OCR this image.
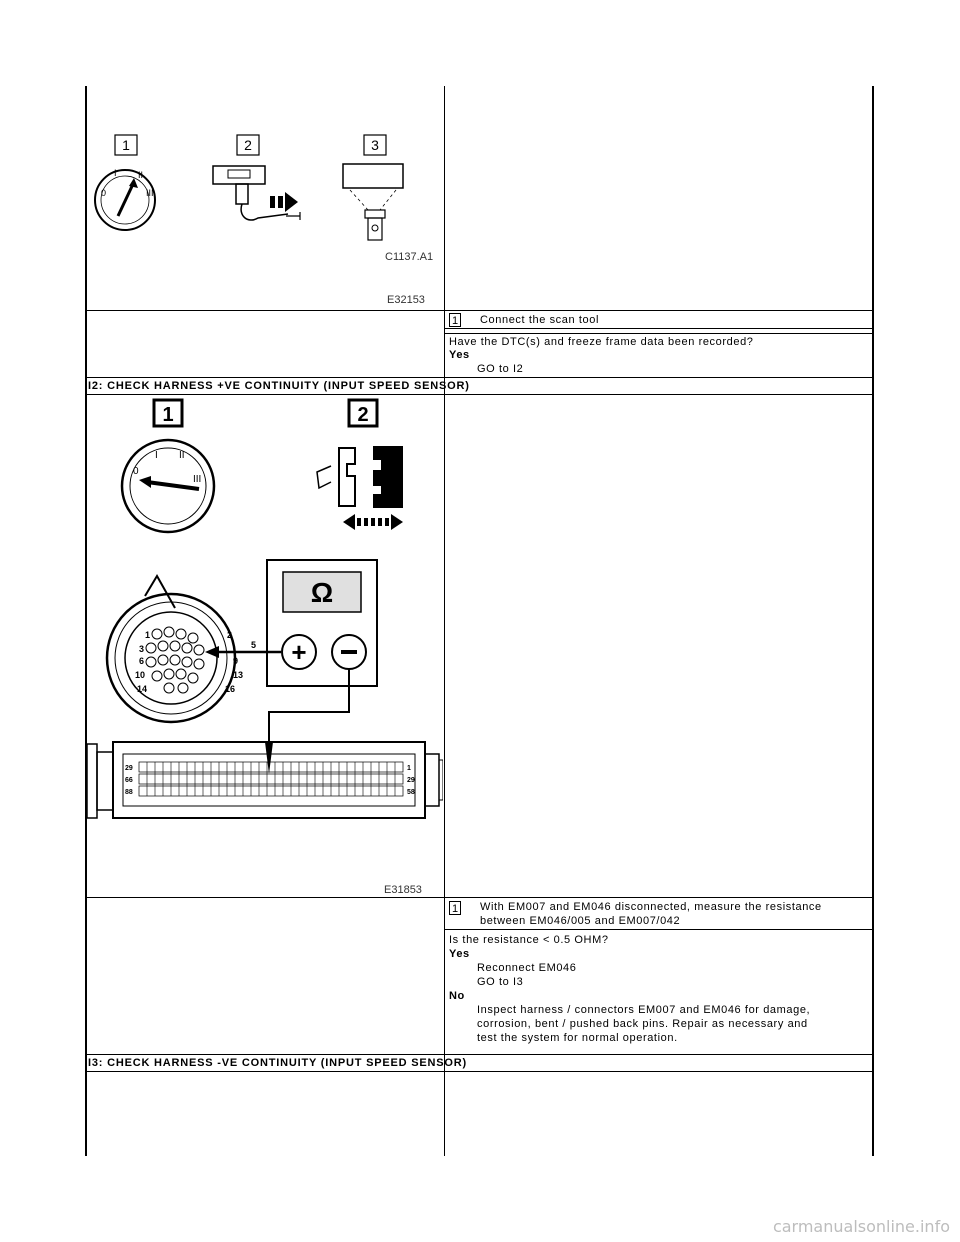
1	2	3
0
I II
III
C1137.A1
E32153
1 Connect the scan tool
Have the DTC(s) and freeze frame data been recorded?
Yes
GO to I2
I2: CHECK HARNESS +VE CONTINUITY (INPUT SPEED SENSOR)
1	2
0
I II
III
1	2
5
3
6	9
10	13
14	16
Ω
+
29
66
88
1
29
58
E31853
1 With EM007 and EM046 disconnected, measure the resistance
between EM046/005 and EM007/042
Is the resistance < 0.5 OHM?
Yes
Reconnect EM046
GO to I3
No
Inspect harness / connectors EM007 and EM046 for damage,
corrosion, bent / pushed back pins. Repair as necessary and
test the system for normal operation.
I3: CHECK HARNESS -VE CONTINUITY (INPUT SPEED SENSOR)
carmanualsonline.info
